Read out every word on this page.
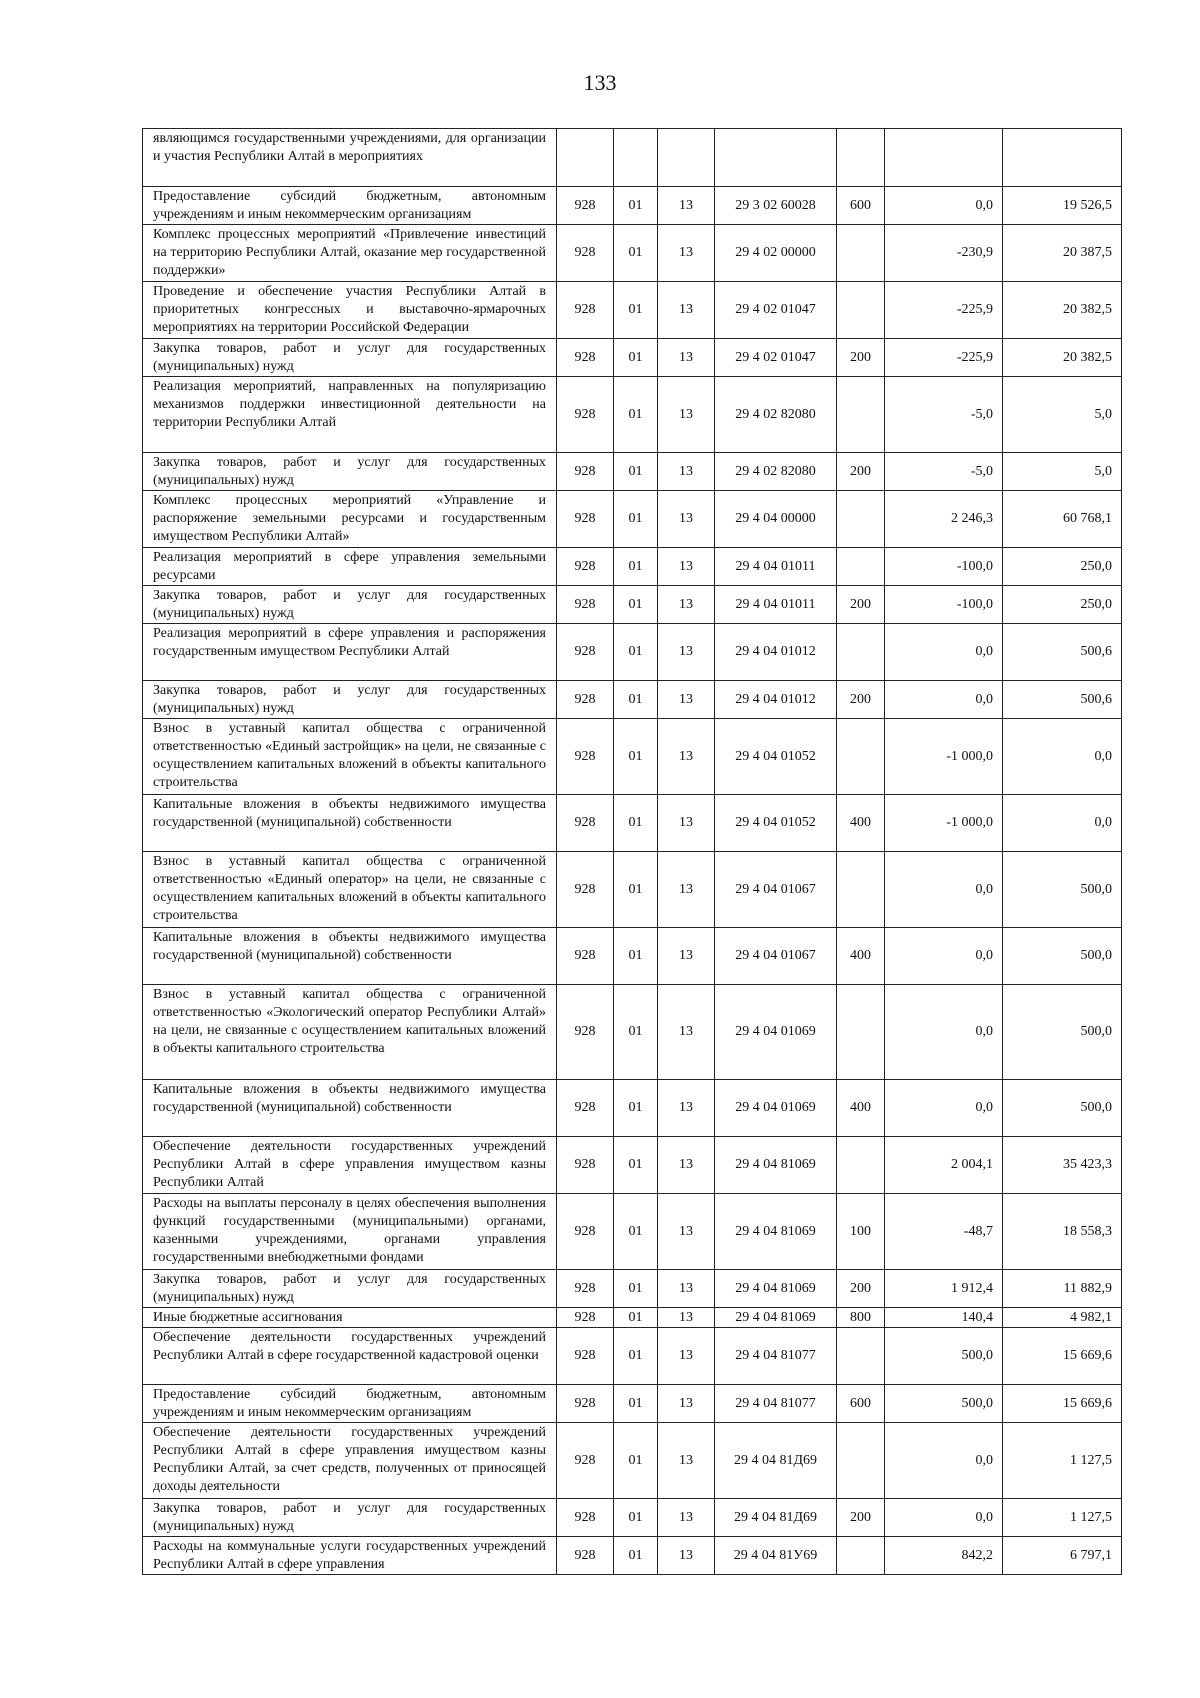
133
являющимся государственными учреждениями, для организации и участия Республики Алтай в мероприятиях							
Предоставление субсидий бюджетным, автономным учреждениям и иным некоммерческим организациям	928	01	13	29 3 02 60028	600	0,0	19 526,5
Комплекс процессных мероприятий «Привлечение инвестиций на территорию Республики Алтай, оказание мер государственной поддержки»	928	01	13	29 4 02 00000		-230,9	20 387,5
Проведение и обеспечение участия Республики Алтай в приоритетных конгрессных и выставочно-ярмарочных мероприятиях на территории Российской Федерации	928	01	13	29 4 02 01047		-225,9	20 382,5
Закупка товаров, работ и услуг для государственных (муниципальных) нужд	928	01	13	29 4 02 01047	200	-225,9	20 382,5
Реализация мероприятий, направленных на популяризацию механизмов поддержки инвестиционной деятельности на территории Республики Алтай	928	01	13	29 4 02 82080		-5,0	5,0
Закупка товаров, работ и услуг для государственных (муниципальных) нужд	928	01	13	29 4 02 82080	200	-5,0	5,0
Комплекс процессных мероприятий «Управление и распоряжение земельными ресурсами и государственным имуществом Республики Алтай»	928	01	13	29 4 04 00000		2 246,3	60 768,1
Реализация мероприятий в сфере управления земельными ресурсами	928	01	13	29 4 04 01011		-100,0	250,0
Закупка товаров, работ и услуг для государственных (муниципальных) нужд	928	01	13	29 4 04 01011	200	-100,0	250,0
Реализация мероприятий в сфере управления и распоряжения государственным имуществом Республики Алтай	928	01	13	29 4 04 01012		0,0	500,6
Закупка товаров, работ и услуг для государственных (муниципальных) нужд	928	01	13	29 4 04 01012	200	0,0	500,6
Взнос в уставный капитал общества с ограниченной ответственностью «Единый застройщик» на цели, не связанные с осуществлением капитальных вложений в объекты капитального строительства	928	01	13	29 4 04 01052		-1 000,0	0,0
Капитальные вложения в объекты недвижимого имущества государственной (муниципальной) собственности	928	01	13	29 4 04 01052	400	-1 000,0	0,0
Взнос в уставный капитал общества с ограниченной ответственностью «Единый оператор» на цели, не связанные с осуществлением капитальных вложений в объекты капитального строительства	928	01	13	29 4 04 01067		0,0	500,0
Капитальные вложения в объекты недвижимого имущества государственной (муниципальной) собственности	928	01	13	29 4 04 01067	400	0,0	500,0
Взнос в уставный капитал общества с ограниченной ответственностью «Экологический оператор Республики Алтай» на цели, не связанные с осуществлением капитальных вложений в объекты капитального строительства	928	01	13	29 4 04 01069		0,0	500,0
Капитальные вложения в объекты недвижимого имущества государственной (муниципальной) собственности	928	01	13	29 4 04 01069	400	0,0	500,0
Обеспечение деятельности государственных учреждений Республики Алтай в сфере управления имуществом казны Республики Алтай	928	01	13	29 4 04 81069		2 004,1	35 423,3
Расходы на выплаты персоналу в целях обеспечения выполнения функций государственными (муниципальными) органами, казенными учреждениями, органами управления государственными внебюджетными фондами	928	01	13	29 4 04 81069	100	-48,7	18 558,3
Закупка товаров, работ и услуг для государственных (муниципальных) нужд	928	01	13	29 4 04 81069	200	1 912,4	11 882,9
Иные бюджетные ассигнования	928	01	13	29 4 04 81069	800	140,4	4 982,1
Обеспечение деятельности государственных учреждений Республики Алтай в сфере государственной кадастровой оценки	928	01	13	29 4 04 81077		500,0	15 669,6
Предоставление субсидий бюджетным, автономным учреждениям и иным некоммерческим организациям	928	01	13	29 4 04 81077	600	500,0	15 669,6
Обеспечение деятельности государственных учреждений Республики Алтай в сфере управления имуществом казны Республики Алтай, за счет средств, полученных от приносящей доходы деятельности	928	01	13	29 4 04 81Д69		0,0	1 127,5
Закупка товаров, работ и услуг для государственных (муниципальных) нужд	928	01	13	29 4 04 81Д69	200	0,0	1 127,5
Расходы на коммунальные услуги государственных учреждений Республики Алтай в сфере управления	928	01	13	29 4 04 81У69		842,2	6 797,1
